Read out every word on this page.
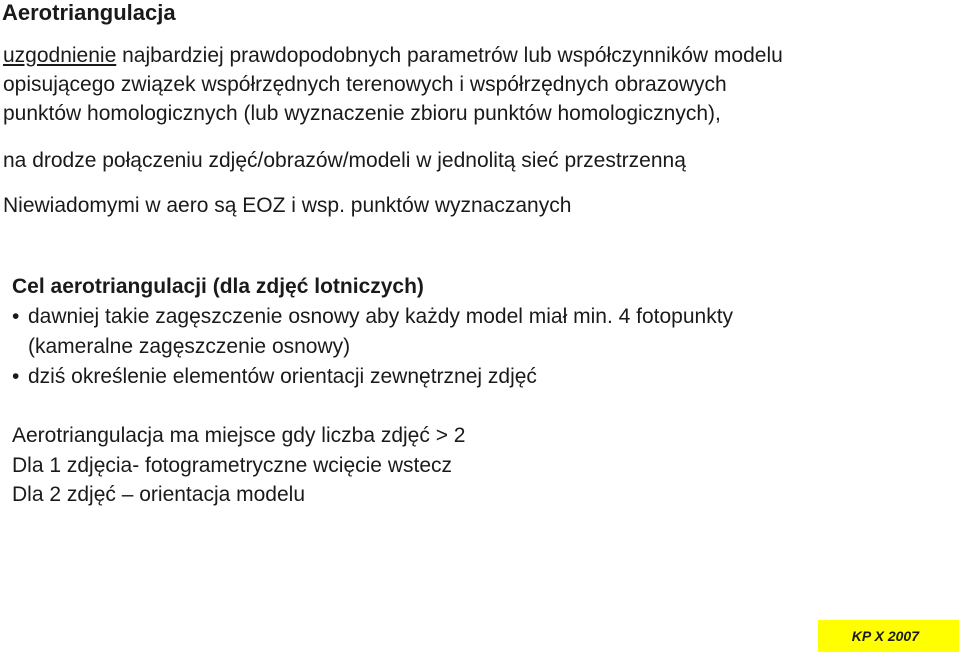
Aerotriangulacja
uzgodnienie najbardziej prawdopodobnych parametrów lub współczynników modelu
opisującego związek współrzędnych terenowych i współrzędnych obrazowych
punktów homologicznych (lub wyznaczenie zbioru punktów homologicznych),
na drodze połączeniu zdjęć/obrazów/modeli w jednolitą sieć przestrzenną
Niewiadomymi w aero są EOZ i wsp. punktów wyznaczanych
Cel aerotriangulacji (dla zdjęć lotniczych)
• dawniej takie zagęszczenie osnowy aby każdy model miał min. 4 fotopunkty
(kameralne zagęszczenie osnowy)
• dziś określenie elementów orientacji zewnętrznej zdjęć
Aerotriangulacja ma miejsce gdy liczba zdjęć > 2
Dla 1 zdjęcia- fotogrametryczne wcięcie wstecz
Dla 2 zdjęć – orientacja modelu
KP X 2007
